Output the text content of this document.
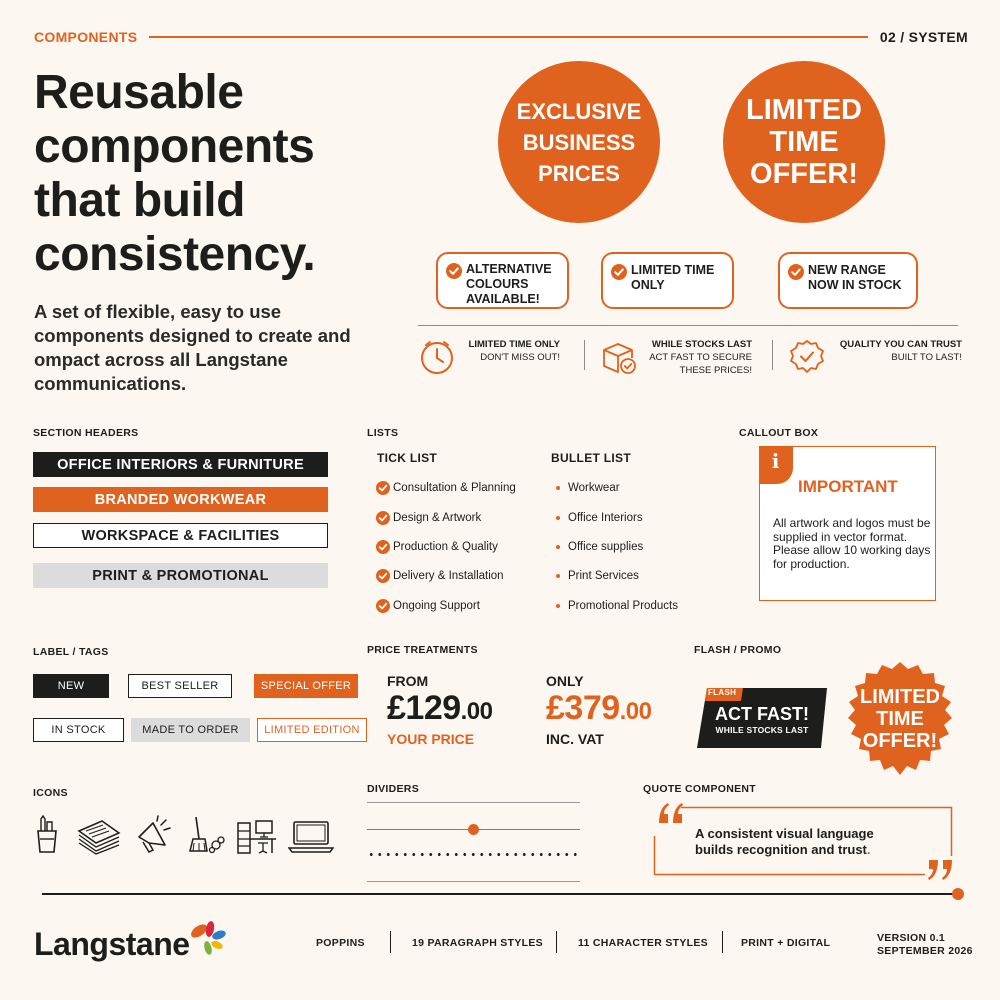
COMPONENTS	02 / SYSTEM
Reusable
components
that build
consistency.
A set of flexible, easy to use components designed to create and ompact across all Langstane communications.
EXCLUSIVE
BUSINESS
PRICES
LIMITED
TIME
OFFER!
ALTERNATIVE
COLOURS
AVAILABLE!
LIMITED TIME
ONLY
NEW RANGE
NOW IN STOCK
LIMITED TIME ONLY
DON'T MISS OUT!
WHILE STOCKS LAST
ACT FAST TO SECURE
THESE PRICES!
QUALITY YOU CAN TRUST
BUILT TO LAST!
SECTION HEADERS
OFFICE INTERIORS & FURNITURE
BRANDED WORKWEAR
WORKSPACE & FACILITIES
PRINT & PROMOTIONAL
LISTS
TICK LIST	BULLET LIST
Consultation & Planning
Design & Artwork
Production & Quality
Delivery & Installation
Ongoing Support
Workwear
Office Interiors
Office supplies
Print Services
Promotional Products
CALLOUT BOX
i
IMPORTANT
All artwork and logos must be supplied in vector format. Please allow 10 working days for production.
LABEL / TAGS
NEW	BEST SELLER	SPECIAL OFFER
IN STOCK	MADE TO ORDER	LIMITED EDITION
PRICE TREATMENTS
FROM
£129.00
YOUR PRICE
ONLY
£379.00
INC. VAT
FLASH / PROMO
FLASH
ACT FAST!
WHILE STOCKS LAST
LIMITED
TIME
OFFER!
ICONS	DIVIDERS	QUOTE COMPONENT
A consistent visual language
builds recognition and trust.
Langstane	POPPINS	19 PARAGRAPH STYLES	11 CHARACTER STYLES	PRINT + DIGITAL	VERSION 0.1
SEPTEMBER 2026
